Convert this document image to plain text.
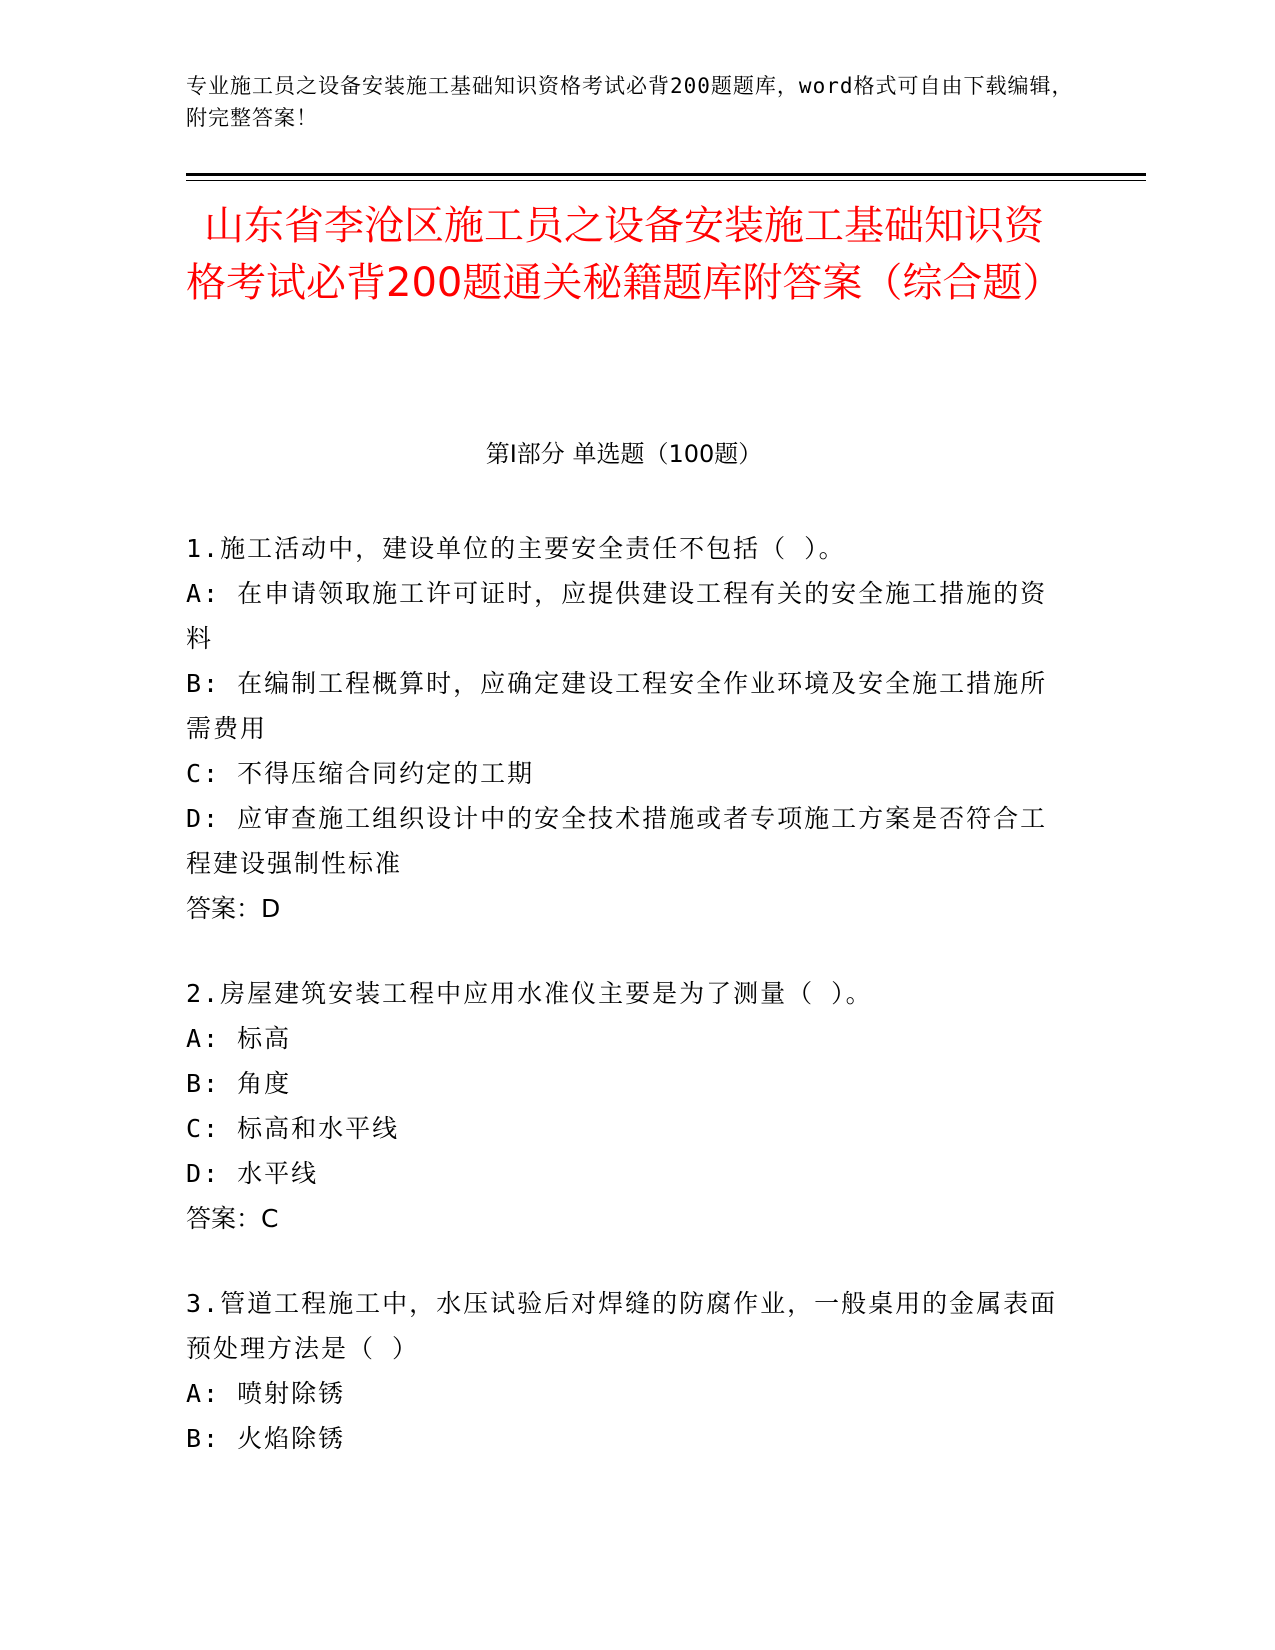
专业施工员之设备安装施工基础知识资格考试必背200题题库，word格式可自由下载编辑，附完整答案！
山东省李沧区施工员之设备安装施工基础知识资格考试必背200题通关秘籍题库附答案（综合题）
第Ⅰ部分 单选题（100题）

1.施工活动中，建设单位的主要安全责任不包括（ ）。

A: 在申请领取施工许可证时，应提供建设工程有关的安全施工措施的资料

B: 在编制工程概算时，应确定建设工程安全作业环境及安全施工措施所需费用

C: 不得压缩合同约定的工期

D: 应审查施工组织设计中的安全技术措施或者专项施工方案是否符合工程建设强制性标准

答案：D

2.房屋建筑安装工程中应用水准仪主要是为了测量（ ）。

A: 标高

B: 角度

C: 标高和水平线

D: 水平线

答案：C

3.管道工程施工中，水压试验后对焊缝的防腐作业，一般桌用的金属表面预处理方法是（ ）

A: 喷射除锈

B: 火焰除锈
